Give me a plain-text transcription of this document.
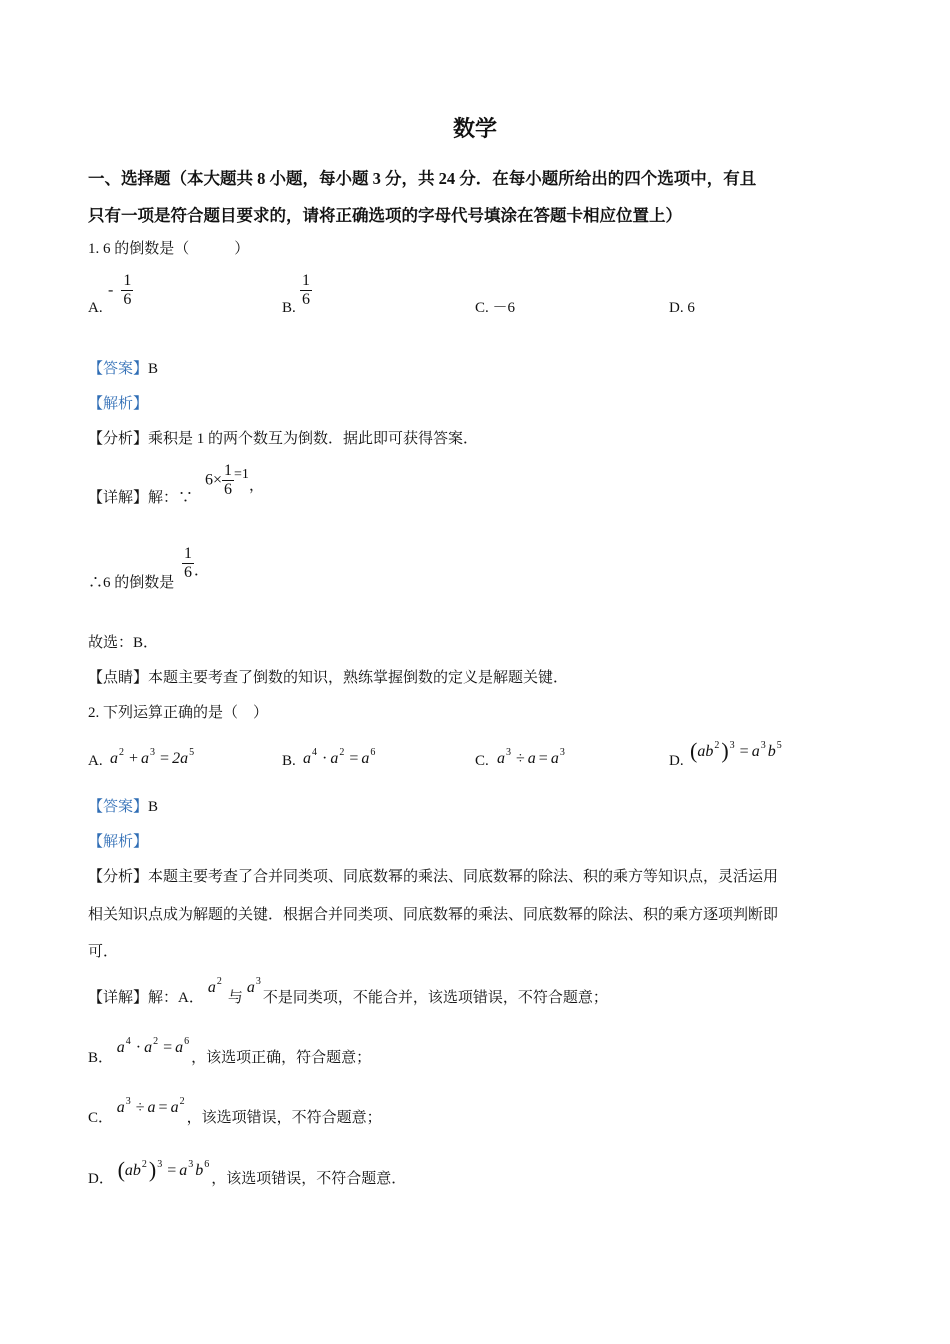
数学
一、选择题（本大题共 8 小题，每小题 3 分，共 24 分．在每小题所给出的四个选项中，有且
只有一项是符合题目要求的，请将正确选项的字母代号填涂在答题卡相应位置上）
1. 6 的倒数是（　　　）
A.
- $\frac{1}{6}$	B. $\frac{1}{6}$	C. －6	D. 6
【答案】B
【解析】
【分析】乘积是 1 的两个数互为倒数．据此即可获得答案．
【详解】解：∵
$6\times \frac{1}{6} =1$，
∴6 的倒数是
$\frac{1}{6}$ ．
故选：B．
【点睛】本题主要考查了倒数的知识，熟练掌握倒数的定义是解题关键．
2. 下列运算正确的是（　）
A. $a^2 + a^3 = 2a^5$
B. $a^4 \cdot a^2 = a^6$
C. $a^3 \div a = a^3$
D. $(ab^2)^3 = a^3$ $b^5$
【答案】B
【解析】
【分析】本题主要考查了合并同类项、同底数幂的乘法、同底数幂的除法、积的乘方等知识点，灵活运用
相关知识点成为解题的关键．根据合并同类项、同底数幂的乘法、同底数幂的除法、积的乘方逐项判断即
可．
【详解】解：A．$a^2$与$a^3$不是同类项，不能合并，该选项错误，不符合题意；
B． $a^4 \cdot a^2 = a^6$，该选项正确，符合题意；
C． $a^3 \div a = a^2$，该选项错误，不符合题意；
D． $(ab^2)^3 = a^3$ $b^6$，该选项错误，不符合题意．
